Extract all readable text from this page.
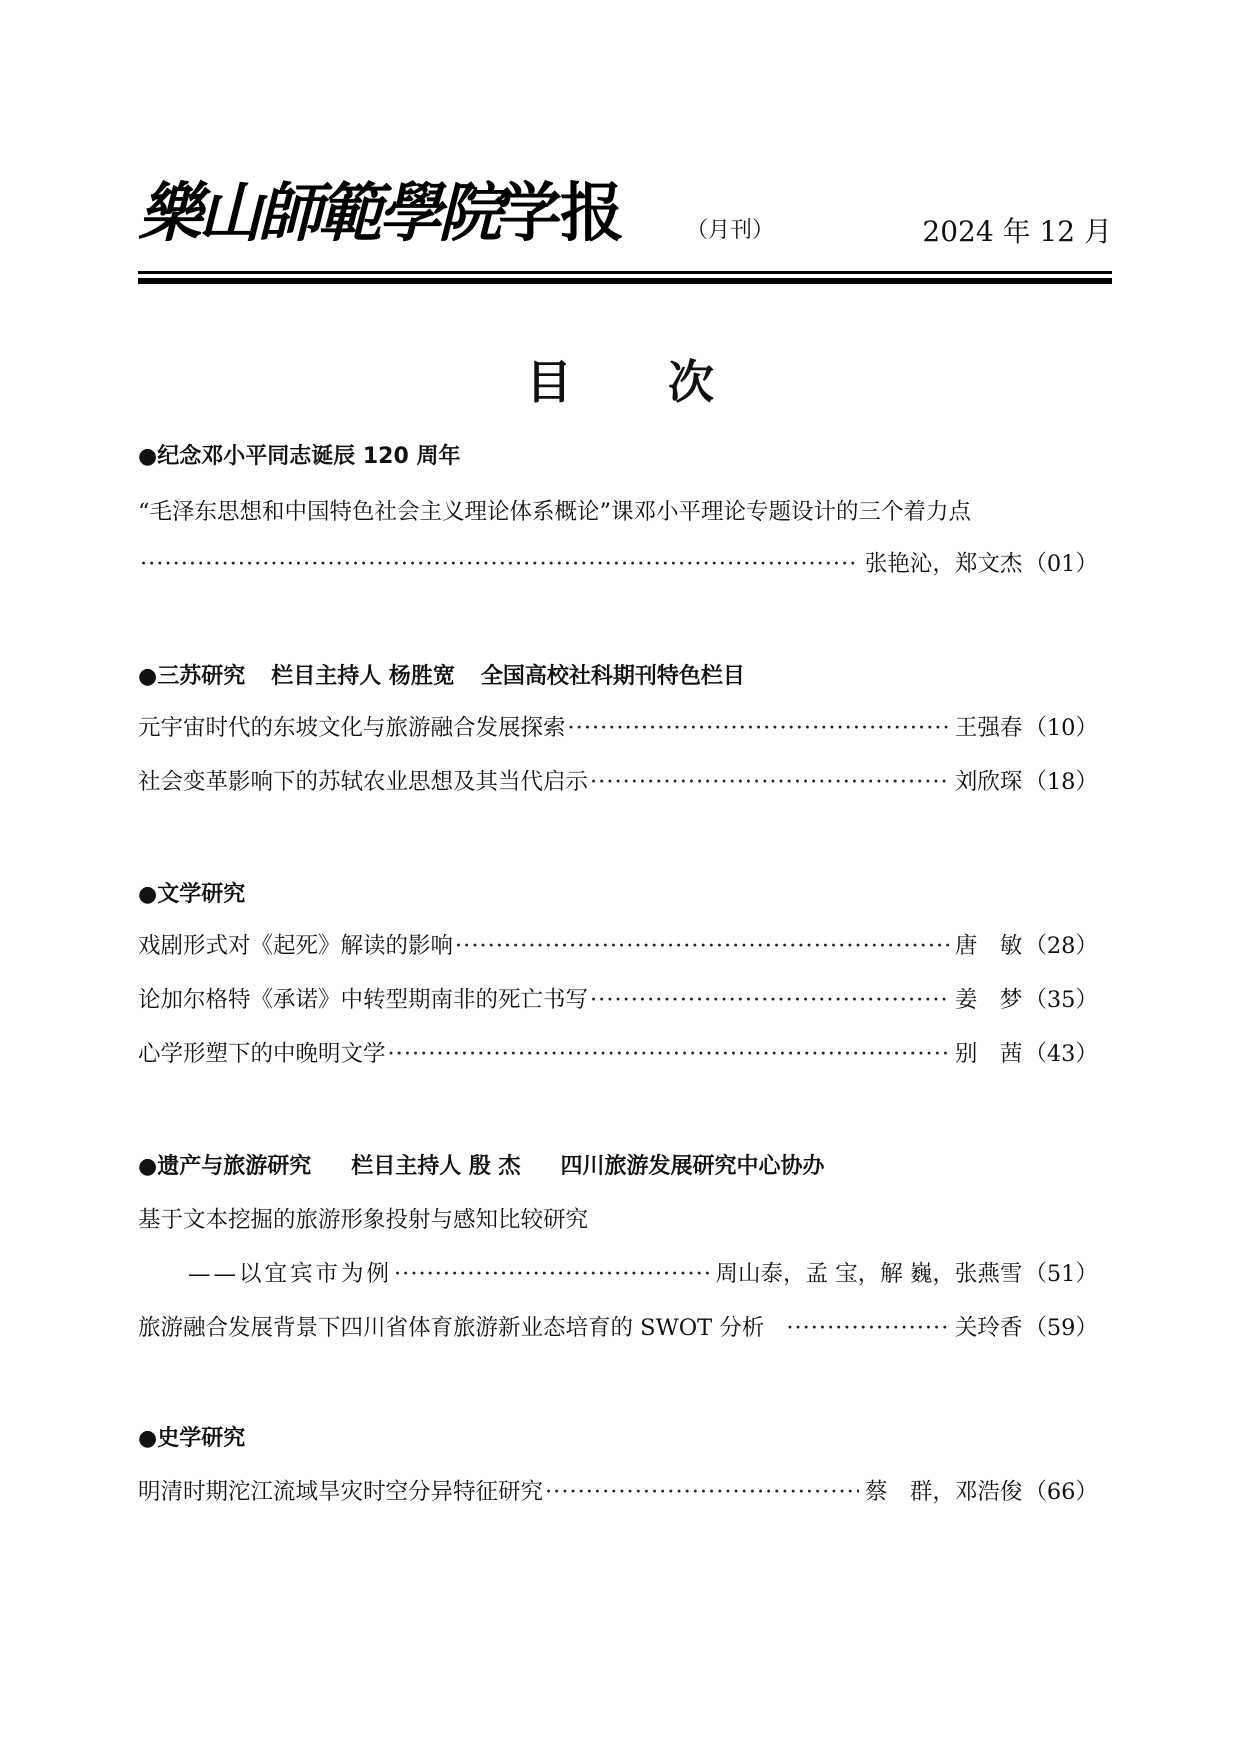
樂山師範學院学报	（月刊）	2024 年 12 月
目次
●纪念邓小平同志诞辰 120 周年
“毛泽东思想和中国特色社会主义理论体系概论”课邓小平理论专题设计的三个着力点
·····
张艳沁，郑文杰 （01）
●三苏研究 栏目主持人 杨胜宽 全国高校社科期刊特色栏目
元宇宙时代的东坡文化与旅游融合发展探索 ·····	王强春 （10）
社会变革影响下的苏轼农业思想及其当代启示 ·····	刘欣琛 （18）
●文学研究
戏剧形式对《起死》解读的影响 ·····	唐　敏 （28）
论加尔格特《承诺》中转型期南非的死亡书写 ·····	姜　梦 （35）
心学形塑下的中晚明文学 ·····	别　茜 （43）
●遗产与旅游研究 栏目主持人 殷 杰 四川旅游发展研究中心协办
基于文本挖掘的旅游形象投射与感知比较研究
——以宜宾市为例 ·····	周山泰，孟 宝，解 巍，张燕雪 （51）
旅游融合发展背景下四川省体育旅游新业态培育的 SWOT 分析 ·····	关玲香 （59）
●史学研究
明清时期沱江流域旱灾时空分异特征研究 ·····	蔡　群，邓浩俊 （66）
